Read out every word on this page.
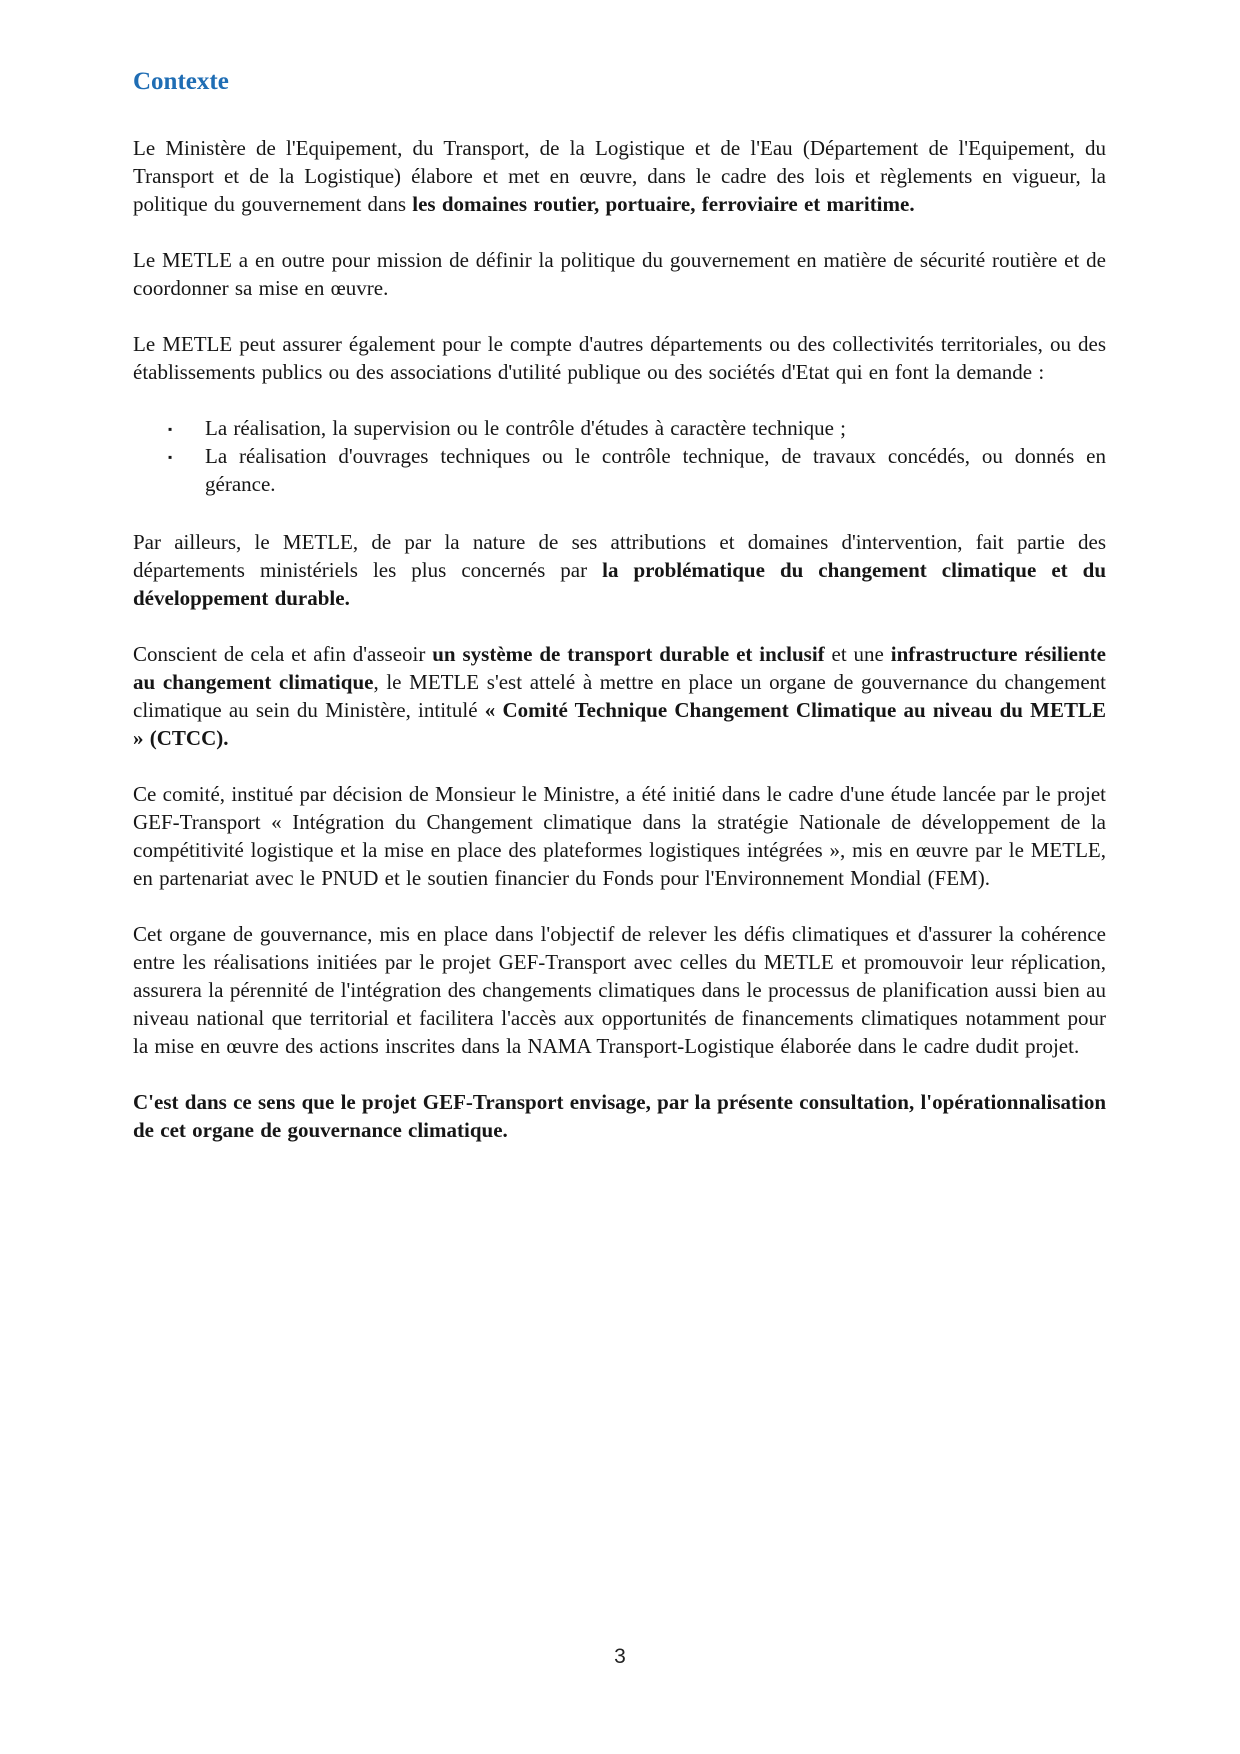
Contexte

Le Ministère de l'Equipement, du Transport, de la Logistique et de l'Eau (Département de l'Equipement, du Transport et de la Logistique) élabore et met en œuvre, dans le cadre des lois et règlements en vigueur, la politique du gouvernement dans les domaines routier, portuaire, ferroviaire et maritime.

Le METLE a en outre pour mission de définir la politique du gouvernement en matière de sécurité routière et de coordonner sa mise en œuvre.

Le METLE peut assurer également pour le compte d'autres départements ou des collectivités territoriales, ou des établissements publics ou des associations d'utilité publique ou des sociétés d'Etat qui en font la demande :

▪ La réalisation, la supervision ou le contrôle d'études à caractère technique ;
▪ La réalisation d'ouvrages techniques ou le contrôle technique, de travaux concédés, ou donnés en gérance.

Par ailleurs, le METLE, de par la nature de ses attributions et domaines d'intervention, fait partie des départements ministériels les plus concernés par la problématique du changement climatique et du développement durable.

Conscient de cela et afin d'asseoir un système de transport durable et inclusif et une infrastructure résiliente au changement climatique, le METLE s'est attelé à mettre en place un organe de gouvernance du changement climatique au sein du Ministère, intitulé « Comité Technique Changement Climatique au niveau du METLE » (CTCC).

Ce comité, institué par décision de Monsieur le Ministre, a été initié dans le cadre d'une étude lancée par le projet GEF-Transport « Intégration du Changement climatique dans la stratégie Nationale de développement de la compétitivité logistique et la mise en place des plateformes logistiques intégrées », mis en œuvre par le METLE, en partenariat avec le PNUD et le soutien financier du Fonds pour l'Environnement Mondial (FEM).

Cet organe de gouvernance, mis en place dans l'objectif de relever les défis climatiques et d'assurer la cohérence entre les réalisations initiées par le projet GEF-Transport avec celles du METLE et promouvoir leur réplication, assurera la pérennité de l'intégration des changements climatiques dans le processus de planification aussi bien au niveau national que territorial et facilitera l'accès aux opportunités de financements climatiques notamment pour la mise en œuvre des actions inscrites dans la NAMA Transport-Logistique élaborée dans le cadre dudit projet.

C'est dans ce sens que le projet GEF-Transport envisage, par la présente consultation, l'opérationnalisation de cet organe de gouvernance climatique.

3
